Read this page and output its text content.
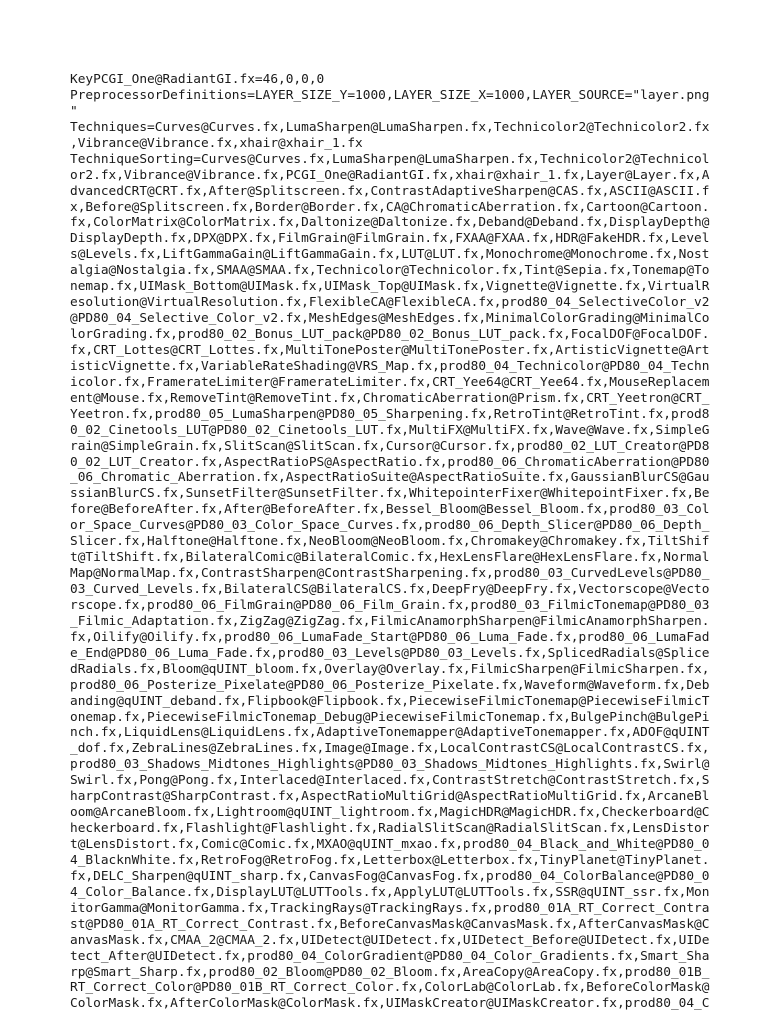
KeyPCGI_One@RadiantGI.fx=46,0,0,0
PreprocessorDefinitions=LAYER_SIZE_Y=1000,LAYER_SIZE_X=1000,LAYER_SOURCE="layer.png
"
Techniques=Curves@Curves.fx,LumaSharpen@LumaSharpen.fx,Technicolor2@Technicolor2.fx
,Vibrance@Vibrance.fx,xhair@xhair_1.fx
TechniqueSorting=Curves@Curves.fx,LumaSharpen@LumaSharpen.fx,Technicolor2@Technicol
or2.fx,Vibrance@Vibrance.fx,PCGI_One@RadiantGI.fx,xhair@xhair_1.fx,Layer@Layer.fx,A
dvancedCRT@CRT.fx,After@Splitscreen.fx,ContrastAdaptiveSharpen@CAS.fx,ASCII@ASCII.f
x,Before@Splitscreen.fx,Border@Border.fx,CA@ChromaticAberration.fx,Cartoon@Cartoon.
fx,ColorMatrix@ColorMatrix.fx,Daltonize@Daltonize.fx,Deband@Deband.fx,DisplayDepth@
DisplayDepth.fx,DPX@DPX.fx,FilmGrain@FilmGrain.fx,FXAA@FXAA.fx,HDR@FakeHDR.fx,Level
s@Levels.fx,LiftGammaGain@LiftGammaGain.fx,LUT@LUT.fx,Monochrome@Monochrome.fx,Nost
algia@Nostalgia.fx,SMAA@SMAA.fx,Technicolor@Technicolor.fx,Tint@Sepia.fx,Tonemap@To
nemap.fx,UIMask_Bottom@UIMask.fx,UIMask_Top@UIMask.fx,Vignette@Vignette.fx,VirtualR
esolution@VirtualResolution.fx,FlexibleCA@FlexibleCA.fx,prod80_04_SelectiveColor_v2
@PD80_04_Selective_Color_v2.fx,MeshEdges@MeshEdges.fx,MinimalColorGrading@MinimalCo
lorGrading.fx,prod80_02_Bonus_LUT_pack@PD80_02_Bonus_LUT_pack.fx,FocalDOF@FocalDOF.
fx,CRT_Lottes@CRT_Lottes.fx,MultiTonePoster@MultiTonePoster.fx,ArtisticVignette@Art
isticVignette.fx,VariableRateShading@VRS_Map.fx,prod80_04_Technicolor@PD80_04_Techn
icolor.fx,FramerateLimiter@FramerateLimiter.fx,CRT_Yee64@CRT_Yee64.fx,MouseReplacem
ent@Mouse.fx,RemoveTint@RemoveTint.fx,ChromaticAberration@Prism.fx,CRT_Yeetron@CRT_
Yeetron.fx,prod80_05_LumaSharpen@PD80_05_Sharpening.fx,RetroTint@RetroTint.fx,prod8
0_02_Cinetools_LUT@PD80_02_Cinetools_LUT.fx,MultiFX@MultiFX.fx,Wave@Wave.fx,SimpleG
rain@SimpleGrain.fx,SlitScan@SlitScan.fx,Cursor@Cursor.fx,prod80_02_LUT_Creator@PD8
0_02_LUT_Creator.fx,AspectRatioPS@AspectRatio.fx,prod80_06_ChromaticAberration@PD80
_06_Chromatic_Aberration.fx,AspectRatioSuite@AspectRatioSuite.fx,GaussianBlurCS@Gau
ssianBlurCS.fx,SunsetFilter@SunsetFilter.fx,WhitepointerFixer@WhitepointFixer.fx,Be
fore@BeforeAfter.fx,After@BeforeAfter.fx,Bessel_Bloom@Bessel_Bloom.fx,prod80_03_Col
or_Space_Curves@PD80_03_Color_Space_Curves.fx,prod80_06_Depth_Slicer@PD80_06_Depth_
Slicer.fx,Halftone@Halftone.fx,NeoBloom@NeoBloom.fx,Chromakey@Chromakey.fx,TiltShif
t@TiltShift.fx,BilateralComic@BilateralComic.fx,HexLensFlare@HexLensFlare.fx,Normal
Map@NormalMap.fx,ContrastSharpen@ContrastSharpening.fx,prod80_03_CurvedLevels@PD80_
03_Curved_Levels.fx,BilateralCS@BilateralCS.fx,DeepFry@DeepFry.fx,Vectorscope@Vecto
rscope.fx,prod80_06_FilmGrain@PD80_06_Film_Grain.fx,prod80_03_FilmicTonemap@PD80_03
_Filmic_Adaptation.fx,ZigZag@ZigZag.fx,FilmicAnamorphSharpen@FilmicAnamorphSharpen.
fx,Oilify@Oilify.fx,prod80_06_LumaFade_Start@PD80_06_Luma_Fade.fx,prod80_06_LumaFad
e_End@PD80_06_Luma_Fade.fx,prod80_03_Levels@PD80_03_Levels.fx,SplicedRadials@Splice
dRadials.fx,Bloom@qUINT_bloom.fx,Overlay@Overlay.fx,FilmicSharpen@FilmicSharpen.fx,
prod80_06_Posterize_Pixelate@PD80_06_Posterize_Pixelate.fx,Waveform@Waveform.fx,Deb
anding@qUINT_deband.fx,Flipbook@Flipbook.fx,PiecewiseFilmicTonemap@PiecewiseFilmicT
onemap.fx,PiecewiseFilmicTonemap_Debug@PiecewiseFilmicTonemap.fx,BulgePinch@BulgePi
nch.fx,LiquidLens@LiquidLens.fx,AdaptiveTonemapper@AdaptiveTonemapper.fx,ADOF@qUINT
_dof.fx,ZebraLines@ZebraLines.fx,Image@Image.fx,LocalContrastCS@LocalContrastCS.fx,
prod80_03_Shadows_Midtones_Highlights@PD80_03_Shadows_Midtones_Highlights.fx,Swirl@
Swirl.fx,Pong@Pong.fx,Interlaced@Interlaced.fx,ContrastStretch@ContrastStretch.fx,S
harpContrast@SharpContrast.fx,AspectRatioMultiGrid@AspectRatioMultiGrid.fx,ArcaneBl
oom@ArcaneBloom.fx,Lightroom@qUINT_lightroom.fx,MagicHDR@MagicHDR.fx,Checkerboard@C
heckerboard.fx,Flashlight@Flashlight.fx,RadialSlitScan@RadialSlitScan.fx,LensDistor
t@LensDistort.fx,Comic@Comic.fx,MXAO@qUINT_mxao.fx,prod80_04_Black_and_White@PD80_0
4_BlacknWhite.fx,RetroFog@RetroFog.fx,Letterbox@Letterbox.fx,TinyPlanet@TinyPlanet.
fx,DELC_Sharpen@qUINT_sharp.fx,CanvasFog@CanvasFog.fx,prod80_04_ColorBalance@PD80_0
4_Color_Balance.fx,DisplayLUT@LUTTools.fx,ApplyLUT@LUTTools.fx,SSR@qUINT_ssr.fx,Mon
itorGamma@MonitorGamma.fx,TrackingRays@TrackingRays.fx,prod80_01A_RT_Correct_Contra
st@PD80_01A_RT_Correct_Contrast.fx,BeforeCanvasMask@CanvasMask.fx,AfterCanvasMask@C
anvasMask.fx,CMAA_2@CMAA_2.fx,UIDetect@UIDetect.fx,UIDetect_Before@UIDetect.fx,UIDe
tect_After@UIDetect.fx,prod80_04_ColorGradient@PD80_04_Color_Gradients.fx,Smart_Sha
rp@Smart_Sharp.fx,prod80_02_Bloom@PD80_02_Bloom.fx,AreaCopy@AreaCopy.fx,prod80_01B_
RT_Correct_Color@PD80_01B_RT_Correct_Color.fx,ColorLab@ColorLab.fx,BeforeColorMask@
ColorMask.fx,AfterColorMask@ColorMask.fx,UIMaskCreator@UIMaskCreator.fx,prod80_04_C
